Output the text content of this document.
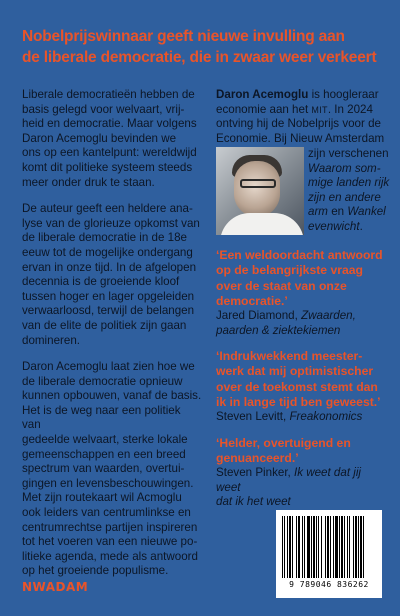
Nobelprijswinnaar geeft nieuwe invulling aan
de liberale democratie, die in zwaar weer verkeert

Liberale democratieën hebben de
basis gelegd voor welvaart, vrij-
heid en democratie. Maar volgens
Daron Acemoglu bevinden we
ons op een kantelpunt: wereldwijd
komt dit politieke systeem steeds
meer onder druk te staan.

De auteur geeft een heldere ana-
lyse van de glorieuze opkomst van
de liberale democratie in de 18e
eeuw tot de mogelijke ondergang
ervan in onze tijd. In de afgelopen
decennia is de groeiende kloof
tussen hoger en lager opgeleiden
verwaarloosd, terwijl de belangen
van de elite de politiek zijn gaan
domineren.

Daron Acemoglu laat zien hoe we
de liberale democratie opnieuw
kunnen opbouwen, vanaf de basis.
Het is de weg naar een politiek van
gedeelde welvaart, sterke lokale
gemeenschappen en een breed
spectrum van waarden, overtui-
gingen en levensbeschouwingen.
Met zijn routekaart wil Acmoglu
ook leiders van centrumlinkse en
centrumrechtse partijen inspireren
tot het voeren van een nieuwe po-
litieke agenda, mede als antwoord
op het groeiende populisme.

Daron Acemoglu is hoogleraar
economie aan het MIT. In 2024
ontving hij de Nobelprijs voor de
Economie. Bij Nieuw Amsterdam
zijn verschenen
Waarom som-
mige landen rijk
zijn en andere
arm en Wankel
evenwicht.
‘Een weldoordacht antwoord
op de belangrijkste vraag
over de staat van onze
democratie.’
Jared Diamond, Zwaarden,
paarden & ziektekiemen
‘Indrukwekkend meester-
werk dat mij optimistischer
over de toekomst stemt dan
ik in lange tijd ben geweest.’
Steven Levitt, Freakonomics
‘Helder, overtuigend en
genuanceerd.’
Steven Pinker, Ik weet dat jij weet
dat ik het weet
NWADAM	9 789046 836262
